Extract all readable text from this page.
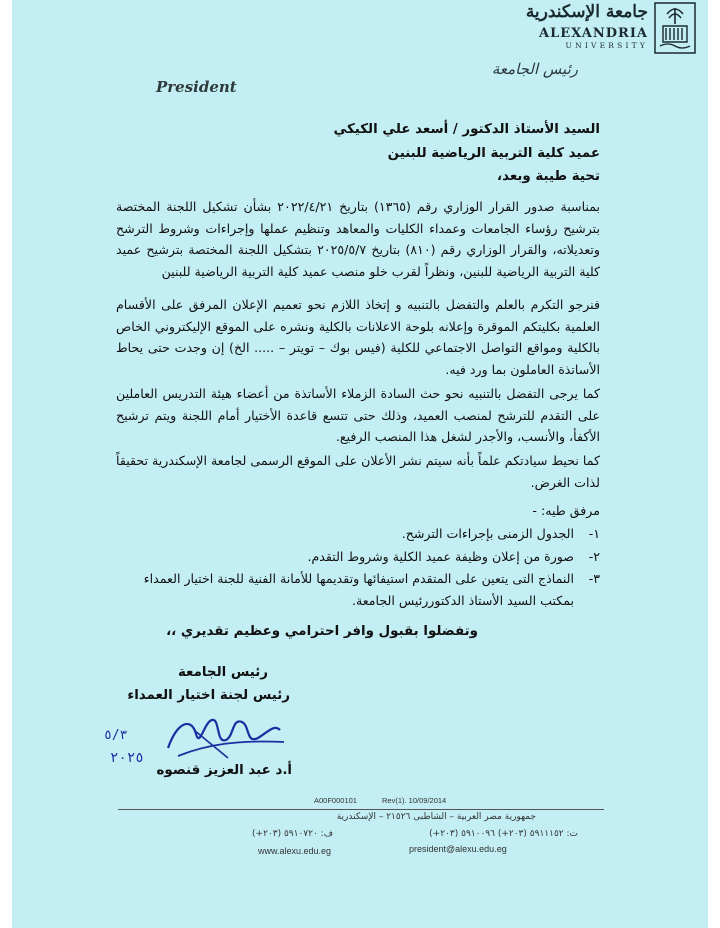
جامعة الإسكندرية
ALEXANDRIA
UNIVERSITY
رئيس الجامعة
President

السيد الأستاذ الدكتور / أسعد علي الكيكي

عميد كلية التربية الرياضية للبنين

تحية طيبة وبعد،

بمناسبة صدور القرار الوزاري رقم (١٣٦٥) بتاريخ ٢٠٢٢/٤/٢١ بشأن تشكيل اللجنة المختصة بترشيح رؤساء الجامعات وعمداء الكليات والمعاهد وتنظيم عملها وإجراءات وشروط الترشح وتعديلاته، والقرار الوزاري رقم (٨١٠) بتاريخ ٢٠٢٥/٥/٧ بتشكيل اللجنة المختصة بترشيح عميد كلية التربية الرياضية للبنين، ونظراً لقرب خلو منصب عميد كلية التربية الرياضية للبنين

فنرجو التكرم بالعلم والتفضل بالتنبيه و إتخاذ اللازم نحو تعميم الإعلان المرفق على الأقسام العلمية بكليتكم الموقرة وإعلانه بلوحة الاعلانات بالكلية ونشره على الموقع الإليكتروني الخاص بالكلية ومواقع التواصل الاجتماعي للكلية (فيس بوك – تويتر – ..... الخ) إن وجدت حتى يحاط الأساتذة العاملون بما ورد فيه.

كما يرجى التفضل بالتنبيه نحو حث السادة الزملاء الأساتذة من أعضاء هيئة التدريس العاملين على التقدم للترشح لمنصب العميد، وذلك حتى تتسع قاعدة الأختيار أمام اللجنة ويتم ترشيح الأكفأ، والأنسب، والأجدر لشغل هذا المنصب الرفيع.

كما نحيط سيادتكم علماً بأنه سيتم نشر الأعلان على الموقع الرسمى لجامعة الإسكندرية تحقيقاً لذات الغرض.

مرفق طيه: -

١-
الجدول الزمنى بإجراءات الترشح.
٢-
صورة من إعلان وظيفة عميد الكلية وشروط التقدم.
٣-
النماذج التى يتعين على المتقدم استيفائها وتقديمها للأمانة الفنية للجنة اختيار العمداء بمكتب السيد الأستاذ الدكتوررئيس الجامعة.

وتفضلوا بقبول وافر احترامي وعظيم تقديري ،،

رئيس الجامعة

رئيس لجنة اختيار العمداء

٥/٣
٢٠٢٥

أ.د عبد العزيز قنصوه

A00F000101	Rev(1). 10/09/2014
جمهورية مصر العربية – الشاطبى ٢١٥٢٦ – الإسكندرية
ت: ٥٩١١١٥٢ (٢٠٣+) ٥٩١٠٠٩٦ (٢٠٣+)
ف: ٥٩١٠٧٢٠ (٢٠٣+)
president@alexu.edu.eg
www.alexu.edu.eg
